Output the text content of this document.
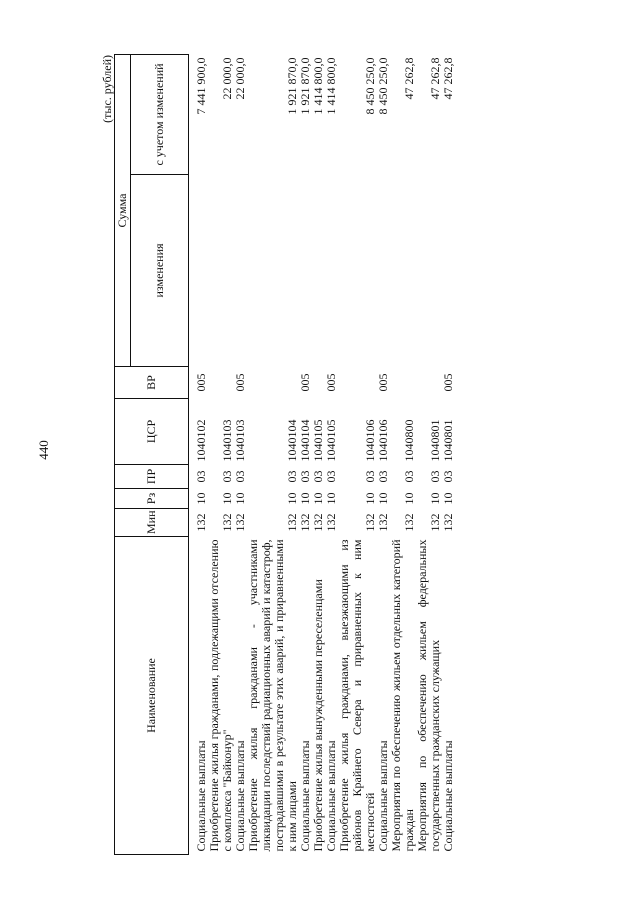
440
(тыс. рублей)
Наименование	Мин	Рз	ПР	ЦСР	ВР	Сумма	
						изменения	с учетом изменений
Социальные выплаты	132	10	03	1040102	005		7 441 900,0
Приобретение жилья гражданами, подлежащими отселению с комплекса "Байконур"	132	10	03	1040103			22 000,0
Социальные выплаты	132	10	03	1040103	005		22 000,0
Приобретение жилья гражданами - участниками ликвидации последствий радиационных аварий и катастроф, пострадавшими в результате этих аварий, и приравненными к ним лицами	132	10	03	1040104			1 921 870,0
Социальные выплаты	132	10	03	1040104	005		1 921 870,0
Приобретение жилья вынужденными переселенцами	132	10	03	1040105			1 414 800,0
Социальные выплаты	132	10	03	1040105	005		1 414 800,0
Приобретение жилья гражданами, выезжающими из районов Крайнего Севера и приравненных к ним местностей	132	10	03	1040106			8 450 250,0
Социальные выплаты	132	10	03	1040106	005		8 450 250,0
Мероприятия по обеспечению жильем отдельных категорий граждан	132	10	03	1040800			47 262,8
Мероприятия по обеспечению жильем федеральных государственных гражданских служащих	132	10	03	1040801			47 262,8
Социальные выплаты	132	10	03	1040801	005		47 262,8
